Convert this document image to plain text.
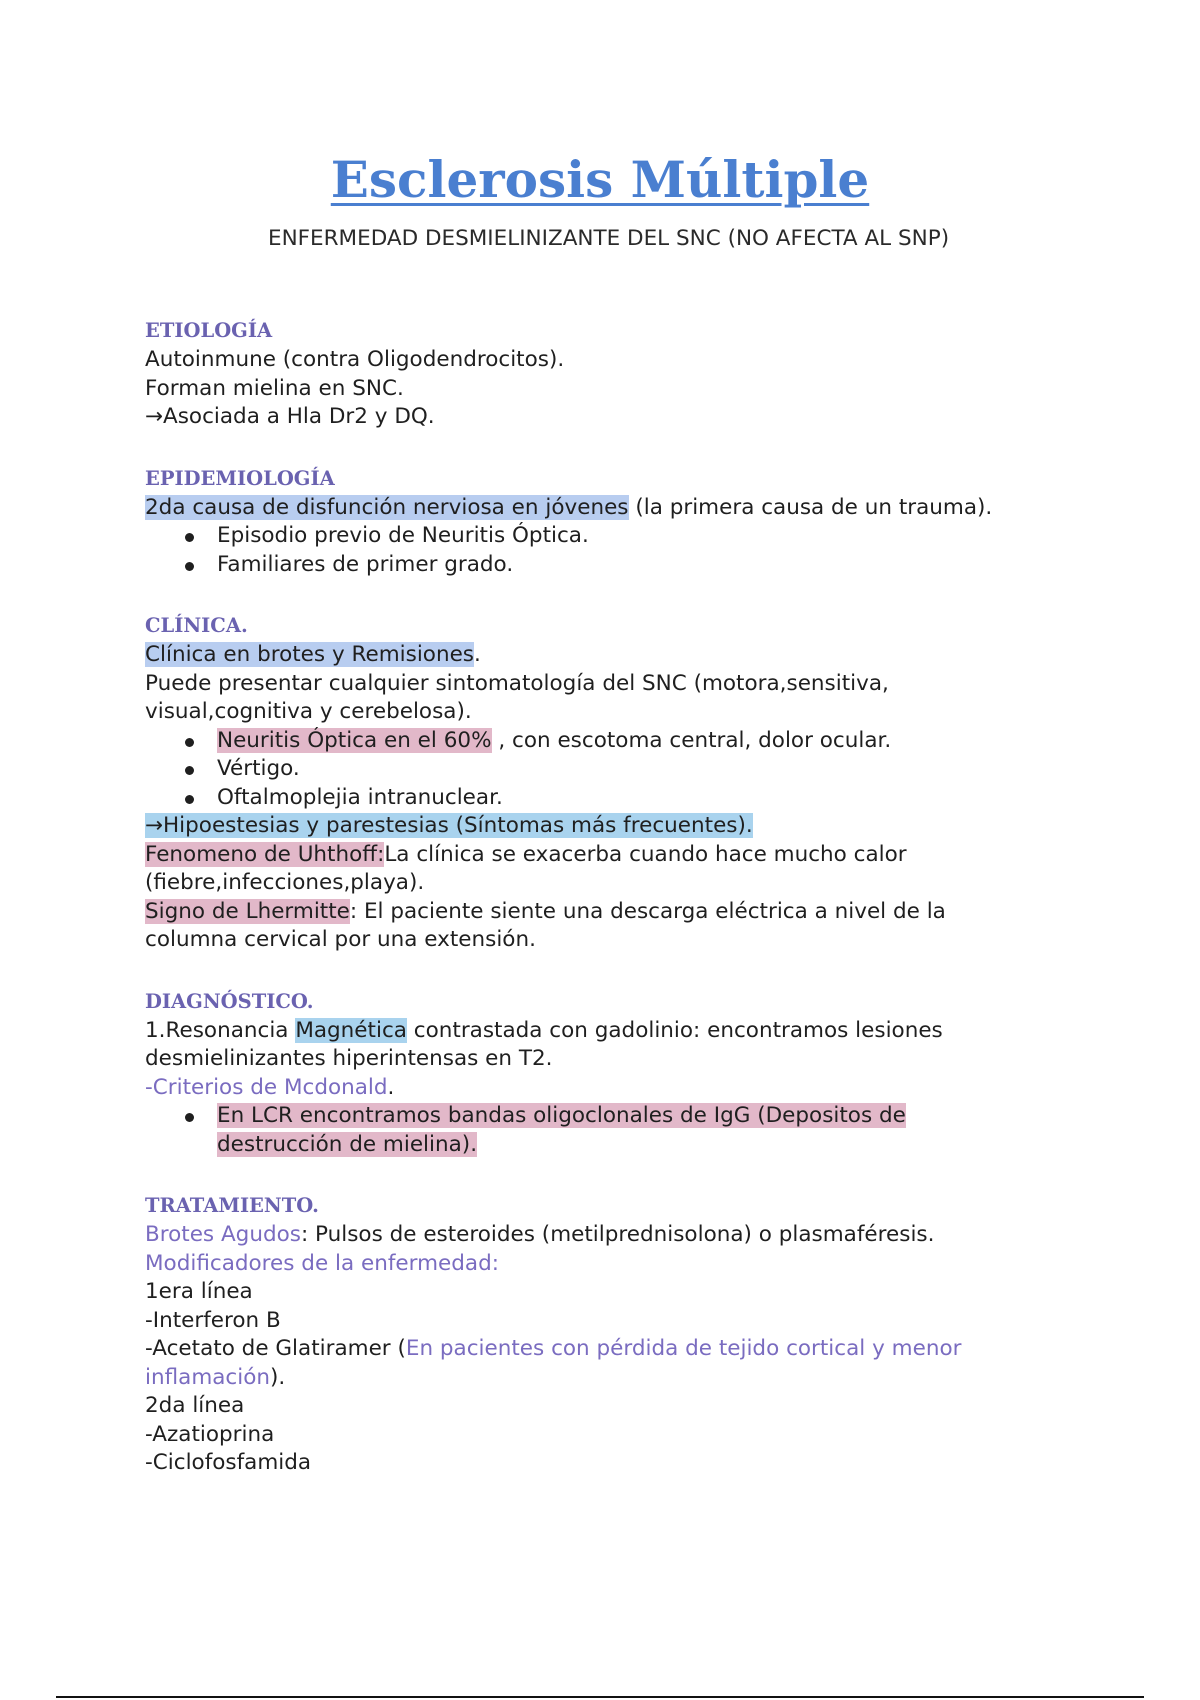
Esclerosis Múltiple
ENFERMEDAD DESMIELINIZANTE DEL SNC (NO AFECTA AL SNP)
ETIOLOGÍA
Autoinmune (contra Oligodendrocitos).
Forman mielina en SNC.
→Asociada a Hla Dr2 y DQ.
EPIDEMIOLOGÍA
2da causa de disfunción nerviosa en jóvenes (la primera causa de un trauma).
Episodio previo de Neuritis Óptica.
Familiares de primer grado.
CLÍNICA.
Clínica en brotes y Remisiones.
Puede presentar cualquier sintomatología del SNC (motora,sensitiva,
visual,cognitiva y cerebelosa).
Neuritis Óptica en el 60% , con escotoma central, dolor ocular.
Vértigo.
Oftalmoplejia intranuclear.
→Hipoestesias y parestesias (Síntomas más frecuentes).
Fenomeno de Uhthoff:La clínica se exacerba cuando hace mucho calor
(fiebre,infecciones,playa).
Signo de Lhermitte: El paciente siente una descarga eléctrica a nivel de la
columna cervical por una extensión.
DIAGNÓSTICO.
1.Resonancia Magnética contrastada con gadolinio: encontramos lesiones
desmielinizantes hiperintensas en T2.
-Criterios de Mcdonald.
En LCR encontramos bandas oligoclonales de IgG (Depositos de
destrucción de mielina).
TRATAMIENTO.
Brotes Agudos: Pulsos de esteroides (metilprednisolona) o plasmaféresis.
Modificadores de la enfermedad:
1era línea
-Interferon B
-Acetato de Glatiramer (En pacientes con pérdida de tejido cortical y menor
inflamación).
2da línea
-Azatioprina
-Ciclofosfamida
